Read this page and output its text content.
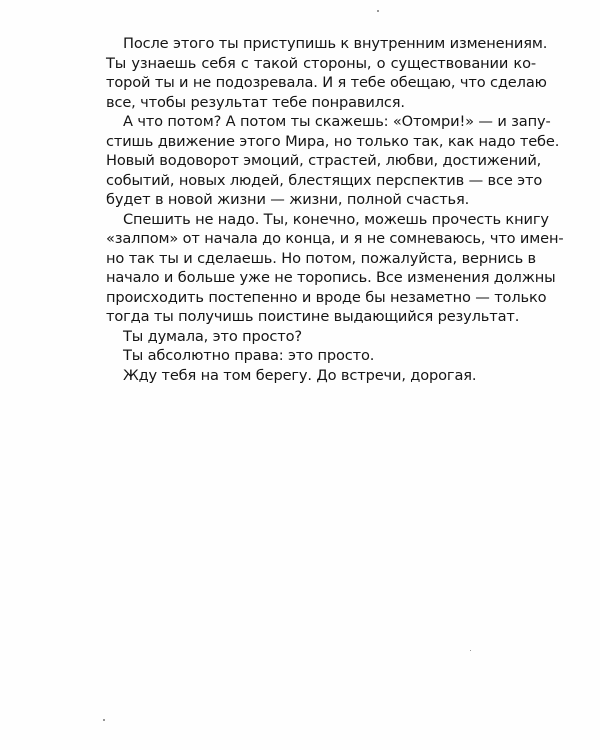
После этого ты приступишь к внутренним изменениям.
Ты узнаешь себя с такой стороны, о существовании ко-
торой ты и не подозревала. И я тебе обещаю, что сделаю
все, чтобы результат тебе понравился.
А что потом? А потом ты скажешь: «Отомри!» — и запу-
стишь движение этого Мира, но только так, как надо тебе.
Новый водоворот эмоций, страстей, любви, достижений,
событий, новых людей, блестящих перспектив — все это
будет в новой жизни — жизни, полной счастья.
Спешить не надо. Ты, конечно, можешь прочесть книгу
«залпом» от начала до конца, и я не сомневаюсь, что имен-
но так ты и сделаешь. Но потом, пожалуйста, вернись в
начало и больше уже не торопись. Все изменения должны
происходить постепенно и вроде бы незаметно — только
тогда ты получишь поистине выдающийся результат.
Ты думала, это просто?
Ты абсолютно права: это просто.
Жду тебя на том берегу. До встречи, дорогая.
